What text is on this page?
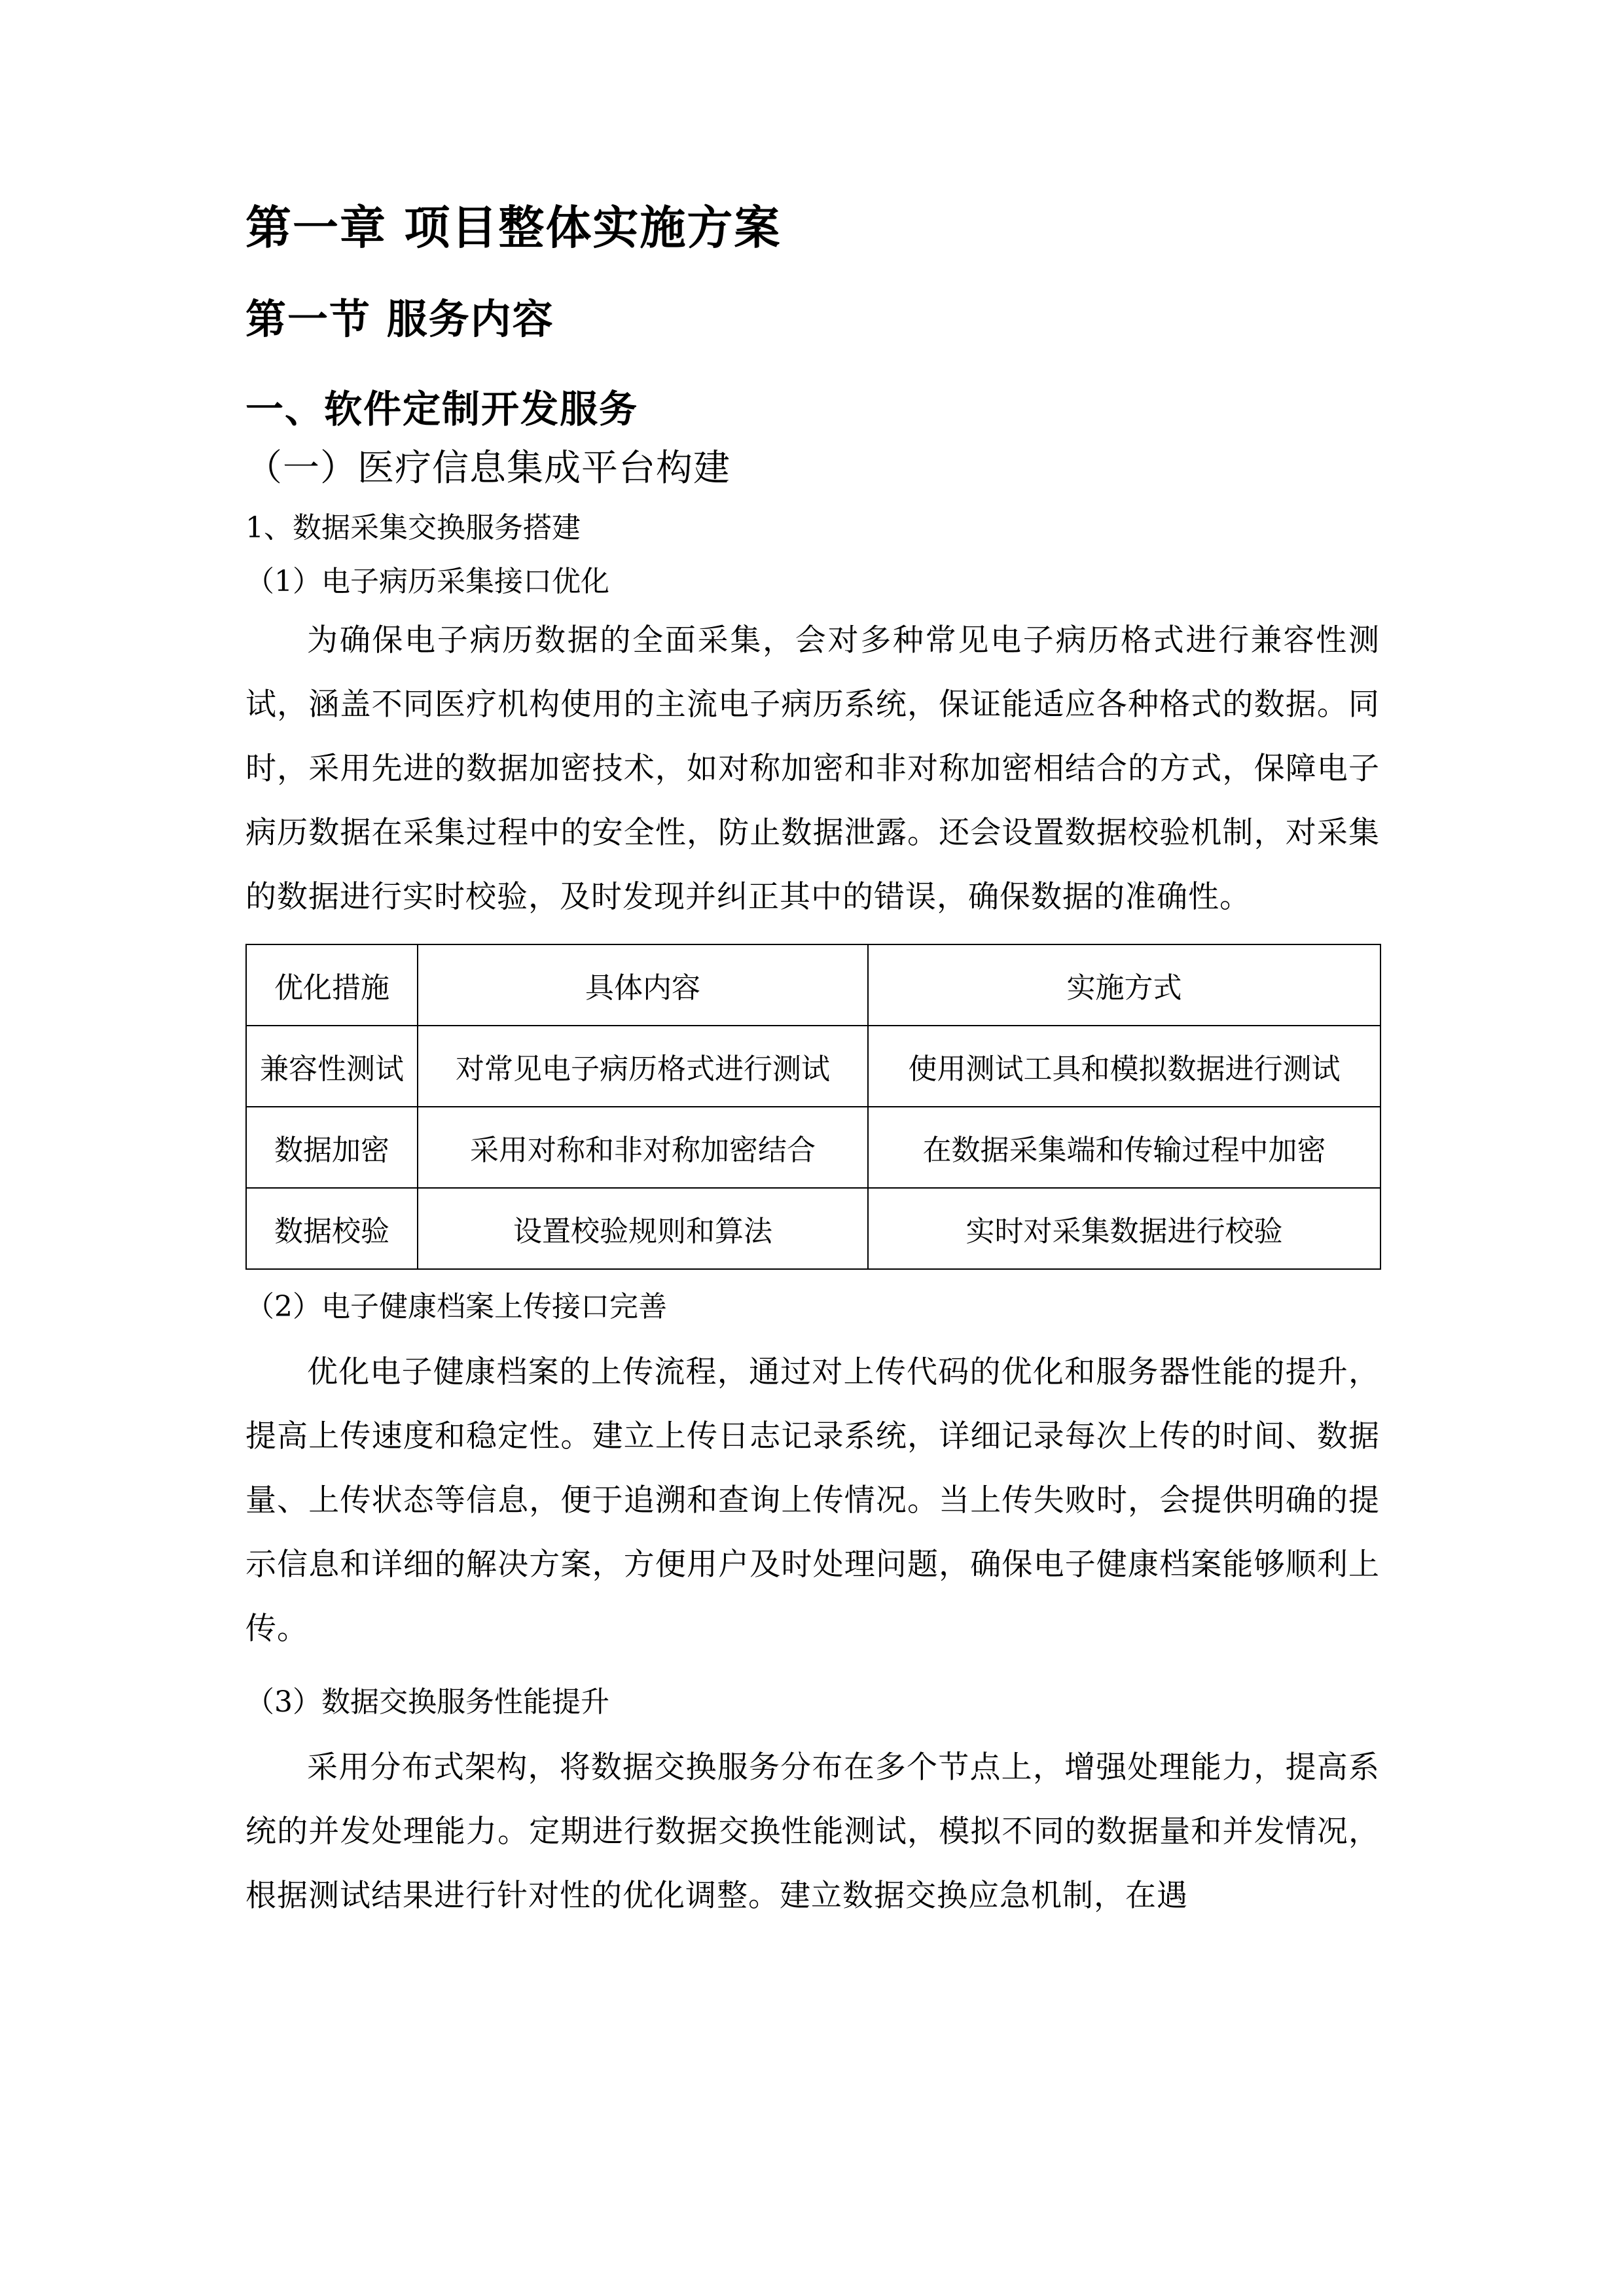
第一章 项目整体实施方案
第一节 服务内容
一、软件定制开发服务
（一）医疗信息集成平台构建
1、数据采集交换服务搭建
（1）电子病历采集接口优化

为确保电子病历数据的全面采集，会对多种常见电子病历格式进行兼容性测试，涵盖不同医疗机构使用的主流电子病历系统，保证能适应各种格式的数据。同时，采用先进的数据加密技术，如对称加密和非对称加密相结合的方式，保障电子病历数据在采集过程中的安全性，防止数据泄露。还会设置数据校验机制，对采集的数据进行实时校验，及时发现并纠正其中的错误，确保数据的准确性。

优化措施	具体内容	实施方式
兼容性测试	对常见电子病历格式进行测试	使用测试工具和模拟数据进行测试
数据加密	采用对称和非对称加密结合	在数据采集端和传输过程中加密
数据校验	设置校验规则和算法	实时对采集数据进行校验
（2）电子健康档案上传接口完善

优化电子健康档案的上传流程，通过对上传代码的优化和服务器性能的提升，提高上传速度和稳定性。建立上传日志记录系统，详细记录每次上传的时间、数据量、上传状态等信息，便于追溯和查询上传情况。当上传失败时，会提供明确的提示信息和详细的解决方案，方便用户及时处理问题，确保电子健康档案能够顺利上传。

（3）数据交换服务性能提升

采用分布式架构，将数据交换服务分布在多个节点上，增强处理能力，提高系统的并发处理能力。定期进行数据交换性能测试，模拟不同的数据量和并发情况，根据测试结果进行针对性的优化调整。建立数据交换应急机制，在遇
